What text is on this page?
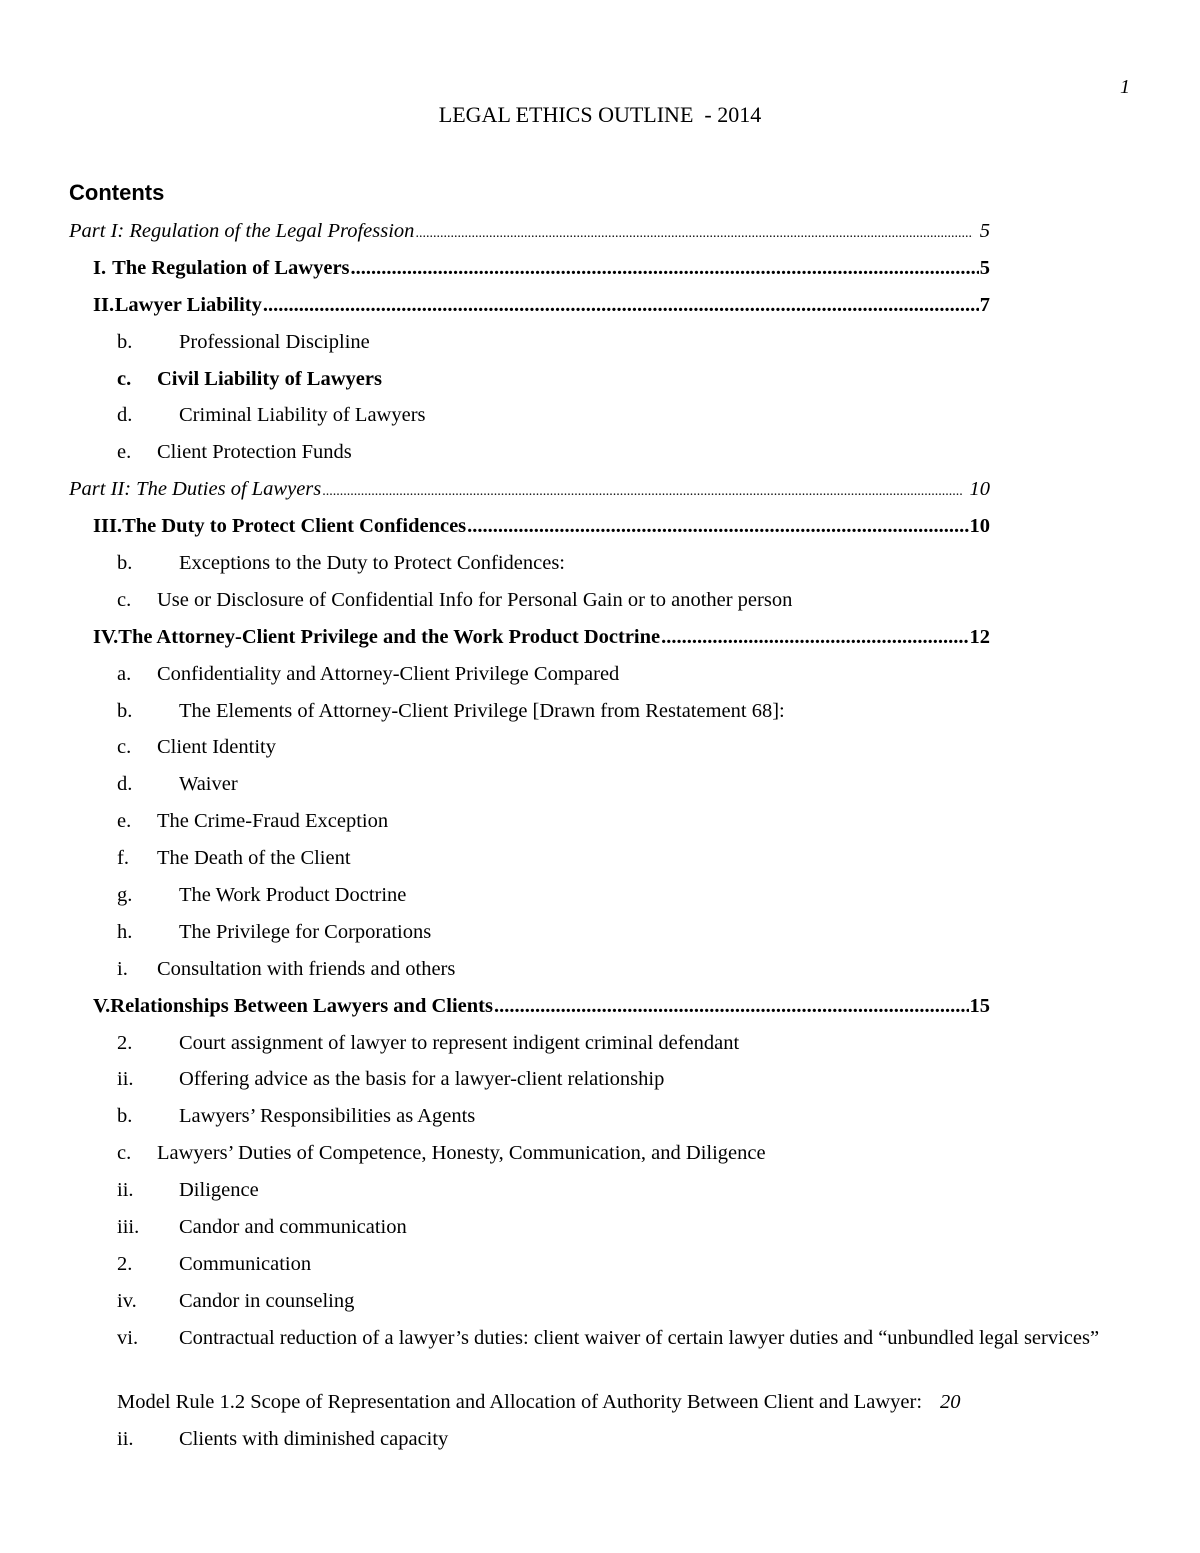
1
LEGAL ETHICS OUTLINE  - 2014
Contents
Part I: Regulation of the Legal Profession .....	5
I. The Regulation of Lawyers .....	5
II. Lawyer Liability .....	7
b.	Professional Discipline
c.	Civil Liability of Lawyers
d.	Criminal Liability of Lawyers
e.	Client Protection Funds
Part II: The Duties of Lawyers .....	10
III. The Duty to Protect Client Confidences .....	10
b.	Exceptions to the Duty to Protect Confidences:
c.	Use or Disclosure of Confidential Info for Personal Gain or to another person
IV. The Attorney-Client Privilege and the Work Product Doctrine .....	12
a.	Confidentiality and Attorney-Client Privilege Compared
b.	The Elements of Attorney-Client Privilege [Drawn from Restatement 68]:
c.	Client Identity
d.	Waiver
e.	The Crime-Fraud Exception
f.	The Death of the Client
g.	The Work Product Doctrine
h.	The Privilege for Corporations
i.	Consultation with friends and others
V. Relationships Between Lawyers and Clients .....	15
2.	Court assignment of lawyer to represent indigent criminal defendant
ii.	Offering advice as the basis for a lawyer-client relationship
b.	Lawyers’ Responsibilities as Agents
c.	Lawyers’ Duties of Competence, Honesty, Communication, and Diligence
ii.	Diligence
iii.	Candor and communication
2.	Communication
iv.	Candor in counseling
vi. Contractual reduction of a lawyer’s duties: client waiver of certain lawyer duties and “unbundled legal services”
Model Rule 1.2 Scope of Representation and Allocation of Authority Between Client and Lawyer: 20
ii.	Clients with diminished capacity
